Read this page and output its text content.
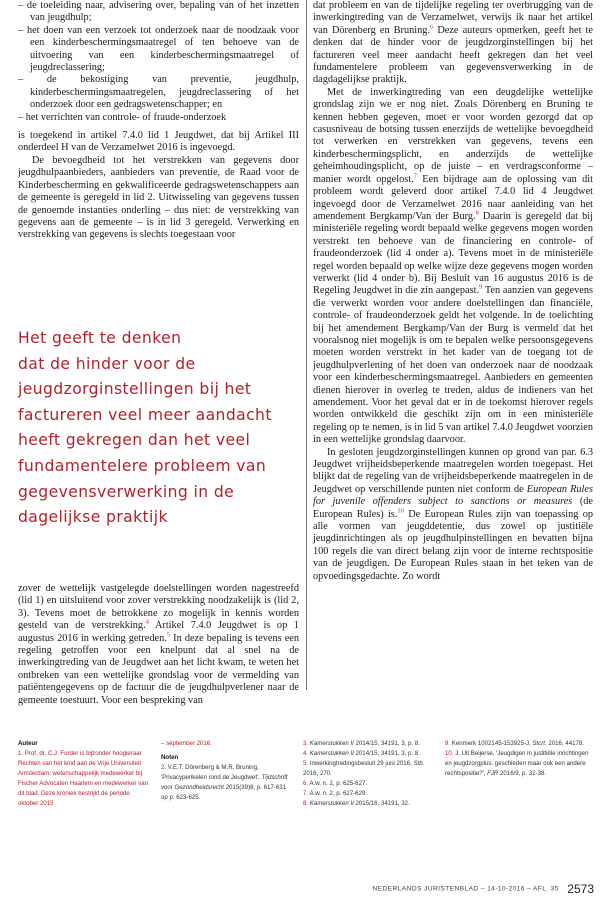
– de toeleiding naar, advisering over, bepaling van of het inzetten van jeugdhulp;
– het doen van een verzoek tot onderzoek naar de noodzaak voor een kinderbeschermingsmaatregel of ten behoeve van de uitvoering van een kinderbeschermingsmaatregel of jeugdreclassering;
– de bekostiging van preventie, jeugdhulp, kinderbeschermingsmaatregelen, jeugdreclassering of het onderzoek door een gedragswetenschapper; en
– het verrichten van controle- of fraude-onderzoek

is toegekend in artikel 7.4.0 lid 1 Jeugdwet, dat bij Artikel III onderdeel H van de Verzamelwet 2016 is ingevoegd.

De bevoegdheid tot het verstrekken van gegevens door jeugdhulpaanbieders, aanbieders van preventie, de Raad voor de Kinderbescherming en gekwalificeerde gedragswetenschappers aan de gemeente is geregeld in lid 2. Uitwisseling van gegevens tussen de genoemde instanties onderling – dus niet: de verstrekking van gegevens aan de gemeente – is in lid 3 geregeld. Verwerking en verstrekking van gegevens is slechts toegestaan voor

Het geeft te denken

dat de hinder voor de

jeugdzorginstellingen bij het

factureren veel meer aandacht

heeft gekregen dan het veel

fundamentelere probleem van

gegevensverwerking in de

dagelijkse praktijk

zover de wettelijk vastgelegde doelstellingen worden nagestreefd (lid 1) en uitsluitend voor zover verstrekking noodzakelijk is (lid 2, 3). Tevens moet de betrokkene zo mogelijk in kennis worden gesteld van de verstrekking.$^4$ Artikel 7.4.0 Jeugdwet is op 1 augustus 2016 in werking getreden.$^5$ In deze bepaling is tevens een regeling getroffen voor een knelpunt dat al snel na de inwerkingtreding van de Jeugdwet aan het licht kwam, te weten het ontbreken van een wettelijke grondslag voor de vermelding van patiëntengegevens op de factuur die de jeugdhulpverlener naar de gemeente toestuurt. Voor een bespreking van

dat probleem en van de tijdelijke regeling ter overbrugging van de inwerkingtreding van de Verzamelwet, verwijs ik naar het artikel van Dörenberg en Bruning.$^6$ Deze auteurs opmerken, geeft het te denken dat de hinder voor de jeugdzorginstellingen bij het factureren veel meer aandacht heeft gekregen dan het veel fundamentelere probleem van gegevensverwerking in de dagdagelijkse praktijk.

Met de inwerkingtreding van een deugdelijke wettelijke grondslag zijn we er nog niet. Zoals Dörenberg en Bruning te kennen hebben gegeven, moet er voor worden gezorgd dat op casusniveau de botsing tussen enerzijds de wettelijke bevoegdheid tot verwerken en verstrekken van gegevens, tevens een kinderbeschermingsplicht, en anderzijds de wettelijke geheimhoudingsplicht, op de juiste – en verdragsconforme – manier wordt opgelost.$^7$ Een bijdrage aan de oplossing van dit probleem wordt geleverd door artikel 7.4.0 lid 4 Jeugdwet ingevoegd door de Verzamelwet 2016 naar aanleiding van het amendement Bergkamp/Van der Burg.$^8$ Daarin is geregeld dat bij ministeriële regeling wordt bepaald welke gegevens mogen worden verstrekt ten behoeve van de financiering en controle- of fraudeonderzoek (lid 4 onder a). Tevens moet in de ministeriële regel worden bepaald op welke wijze deze gegevens mogen worden verwerkt (lid 4 onder b). Bij Besluit van 16 augustus 2016 is de Regeling Jeugdwet in die zin aangepast.$^9$ Ten aanzien van gegevens die verwerkt worden voor andere doelstellingen dan financiële, controle- of fraudeonderzoek geldt het volgende. In de toelichting bij het amendement Bergkamp/Van der Burg is vermeld dat het vooralsnog niet mogelijk is om te bepalen welke persoonsgegevens moeten worden verstrekt in het kader van de toegang tot de jeugdhulpverlening of het doen van onderzoek naar de noodzaak voor een kinderbeschermingsmaatregel. Aanbieders en gemeenten dienen hierover in overleg te treden, aldus de indieners van het amendement. Voor het geval dat er in de toekomst hierover regels worden ontwikkeld die geschikt zijn om in een ministeriële regeling op te nemen, is in lid 5 van artikel 7.4.0 Jeugdwet voorzien in een wettelijke grondslag daarvoor.

In gesloten jeugdzorginstellingen kunnen op grond van par. 6.3 Jeugdwet vrijheidsbeperkende maatregelen worden toegepast. Het blijkt dat de regeling van de vrijheidsbeperkende maatregelen in de Jeugdwet op verschillende punten niet conform de European Rules for juvenile offenders subject to sanctions or measures (de European Rules) is.$^{10}$ De European Rules zijn van toepassing op alle vormen van jeugddetentie, dus zowel op justitiële jeugdinrichtingen als op jeugdhulpinstellingen en bevatten bijna 100 regels die van direct belang zijn voor de interne rechtspositie van de jeugdigen. De European Rules staan in het teken van de opvoedingsgedachte. Zo wordt

Auteur

1. Prof. dr. C.J. Forder is bijzonder hoogleraar Rechten van het kind aan de Vrije Universiteit Amsterdam, wetenschappelijk medewerker bij Fischer Advocaten Haarlem en medewerker van dit blad. Deze kroniek bestrijkt de periode oktober 2015

– september 2016.

Noten

2. V.E.T. Dörenberg & M.R. Bruning, 'Privacyperikelen rond de Jeugdwet', Tijdschrift voor Gezondheidsrecht 2015(39)8, p. 617-631 op p. 623-625.

3. Kamerstukken II 2014/15, 34191, 3, p. 8.

4. Kamerstukken II 2014/15, 34191, 3, p. 8.

5. Inwerkingtredingsbesluit 29 juni 2016, Stb. 2016, 270.

6. A.w. n. 2, p. 625-627.

7. A.w. n. 2, p. 627-629.

8. Kamerstukken II 2015/16, 34191, 32.

9. Kenmerk 1002145-153925-J, Stcrt. 2016, 44178.

10. J. Uit Beijerse, 'Jeugdigen in justitiële inrichtingen en jeugdzorgplus: geschieden maar ook een andere rechtspositie?', FJR 2016/9, p. 32-38.

NEDERLANDS JURISTENBLAD – 14-10-2016 – AFL. 35 2573
